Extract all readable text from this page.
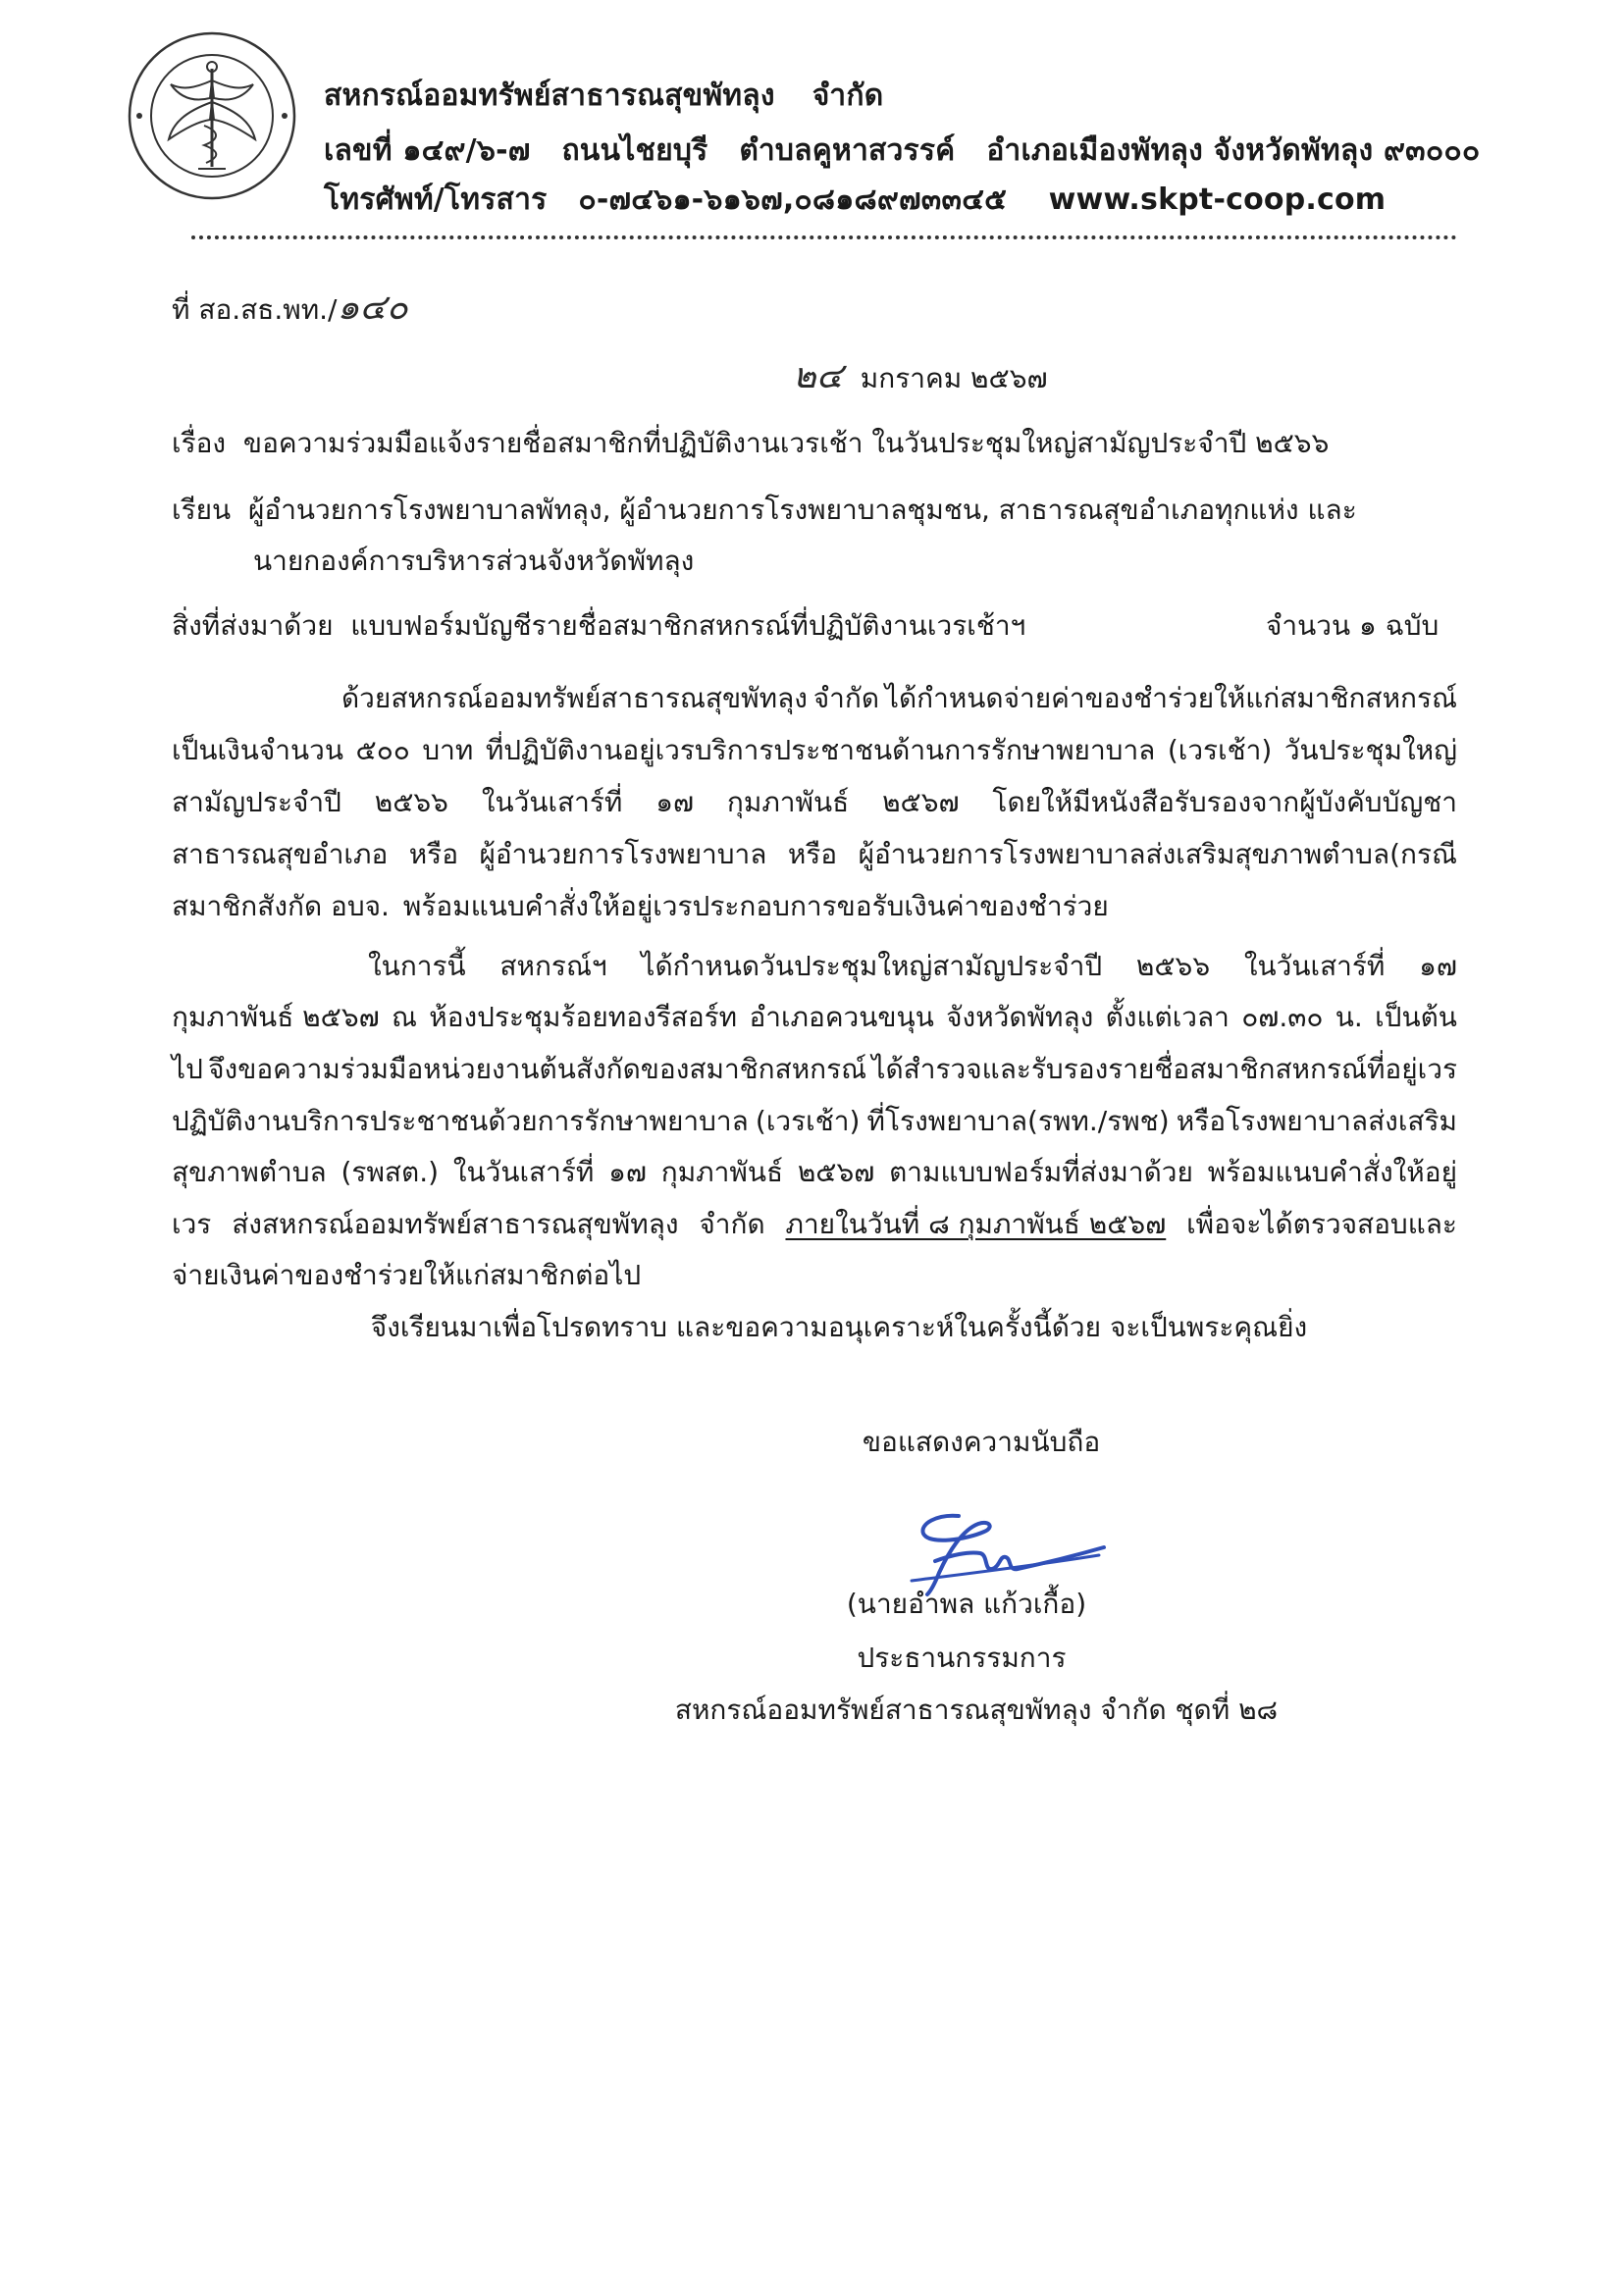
สหกรณ์ออมทรัพย์สาธารณสุขพัทลุง จำกัด
เลขที่ ๑๔๙/๖-๗ ถนนไชยบุรี ตำบลคูหาสวรรค์ อำเภอเมืองพัทลุง จังหวัดพัทลุง ๙๓๐๐๐
โทรศัพท์/โทรสาร ๐-๗๔๖๑-๖๑๖๗,๐๘๑๘๙๗๓๓๔๕ www.skpt-coop.com
ที่ สอ.สธ.พท./๑๔๐
๒๔ มกราคม ๒๕๖๗
เรื่อง ขอความร่วมมือแจ้งรายชื่อสมาชิกที่ปฏิบัติงานเวรเช้า ในวันประชุมใหญ่สามัญประจำปี ๒๕๖๖
เรียน ผู้อำนวยการโรงพยาบาลพัทลุง, ผู้อำนวยการโรงพยาบาลชุมชน, สาธารณสุขอำเภอทุกแห่ง และ
นายกองค์การบริหารส่วนจังหวัดพัทลุง
สิ่งที่ส่งมาด้วย แบบฟอร์มบัญชีรายชื่อสมาชิกสหกรณ์ที่ปฏิบัติงานเวรเช้าฯ	จำนวน ๑ ฉบับ
ด้วยสหกรณ์ออมทรัพย์สาธารณสุขพัทลุง จำกัด ได้กำหนดจ่ายค่าของชำร่วยให้แก่สมาชิกสหกรณ์
เป็นเงินจำนวน ๕๐๐ บาท ที่ปฏิบัติงานอยู่เวรบริการประชาชนด้านการรักษาพยาบาล (เวรเช้า) วันประชุมใหญ่
สามัญประจำปี ๒๕๖๖ ในวันเสาร์ที่ ๑๗ กุมภาพันธ์ ๒๕๖๗ โดยให้มีหนังสือรับรองจากผู้บังคับบัญชา
สาธารณสุขอำเภอ หรือ ผู้อำนวยการโรงพยาบาล หรือ ผู้อำนวยการโรงพยาบาลส่งเสริมสุขภาพตำบล(กรณี
สมาชิกสังกัด อบจ. พร้อมแนบคำสั่งให้อยู่เวรประกอบการขอรับเงินค่าของชำร่วย
ในการนี้ สหกรณ์ฯ ได้กำหนดวันประชุมใหญ่สามัญประจำปี ๒๕๖๖ ในวันเสาร์ที่ ๑๗
กุมภาพันธ์ ๒๕๖๗ ณ ห้องประชุมร้อยทองรีสอร์ท อำเภอควนขนุน จังหวัดพัทลุง ตั้งแต่เวลา ๐๗.๓๐ น. เป็นต้น
ไป จึงขอความร่วมมือหน่วยงานต้นสังกัดของสมาชิกสหกรณ์ ได้สำรวจและรับรองรายชื่อสมาชิกสหกรณ์ที่อยู่เวร
ปฏิบัติงานบริการประชาชนด้วยการรักษาพยาบาล (เวรเช้า) ที่โรงพยาบาล(รพท./รพช) หรือโรงพยาบาลส่งเสริม
สุขภาพตำบล (รพสต.) ในวันเสาร์ที่ ๑๗ กุมภาพันธ์ ๒๕๖๗ ตามแบบฟอร์มที่ส่งมาด้วย พร้อมแนบคำสั่งให้อยู่
เวร ส่งสหกรณ์ออมทรัพย์สาธารณสุขพัทลุง จำกัด ภายในวันที่ ๘ กุมภาพันธ์ ๒๕๖๗ เพื่อจะได้ตรวจสอบและ
จ่ายเงินค่าของชำร่วยให้แก่สมาชิกต่อไป
จึงเรียนมาเพื่อโปรดทราบ และขอความอนุเคราะห์ในครั้งนี้ด้วย จะเป็นพระคุณยิ่ง
ขอแสดงความนับถือ
(นายอำพล แก้วเกื้อ)
ประธานกรรมการ
สหกรณ์ออมทรัพย์สาธารณสุขพัทลุง จำกัด ชุดที่ ๒๘
